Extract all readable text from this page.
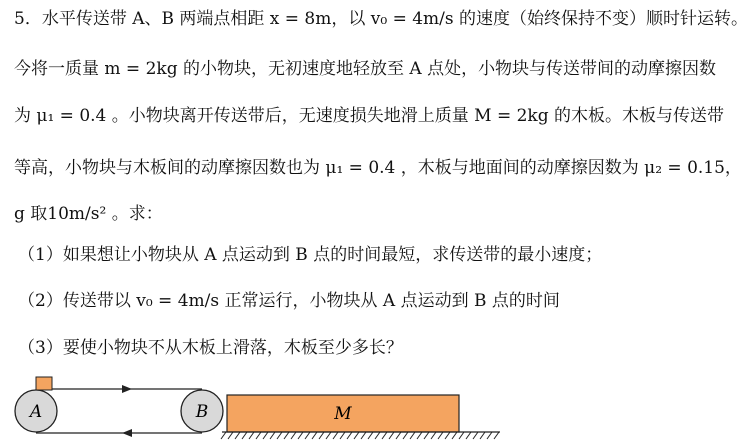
5．水平传送带 A、B 两端点相距 x = 8m，以 v₀ = 4m/s 的速度（始终保持不变）顺时针运转。
今将一质量 m = 2kg 的小物块，无初速度地轻放至 A 点处，小物块与传送带间的动摩擦因数
为 μ₁ = 0.4 。小物块离开传送带后，无速度损失地滑上质量 M = 2kg 的木板。木板与传送带
等高，小物块与木板间的动摩擦因数也为 μ₁ = 0.4 ，木板与地面间的动摩擦因数为 μ₂ = 0.15，
g 取10m/s² 。求：
（1）如果想让小物块从 A 点运动到 B 点的时间最短，求传送带的最小速度；
（2）传送带以 v₀ = 4m/s 正常运行，小物块从 A 点运动到 B 点的时间
（3）要使小物块不从木板上滑落，木板至少多长？
A	B	M
